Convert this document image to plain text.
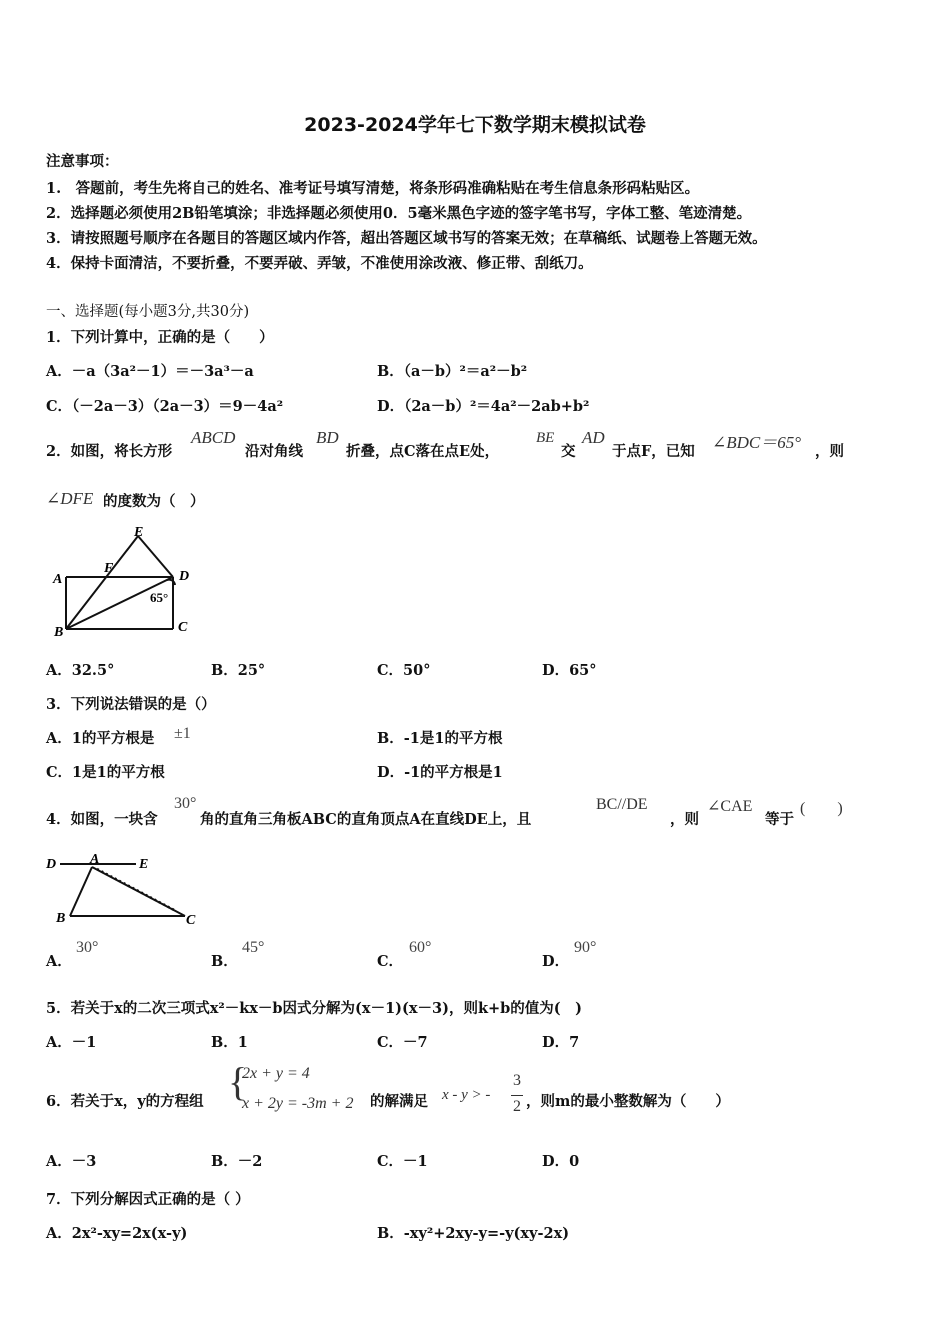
2023-2024学年七下数学期末模拟试卷
注意事项：
1.　答题前，考生先将自己的姓名、准考证号填写清楚，将条形码准确粘贴在考生信息条形码粘贴区。
2．选择题必须使用2B铅笔填涂；非选择题必须使用0．5毫米黑色字迹的签字笔书写，字体工整、笔迹清楚。
3．请按照题号顺序在各题目的答题区域内作答，超出答题区域书写的答案无效；在草稿纸、试题卷上答题无效。
4．保持卡面清洁，不要折叠，不要弄破、弄皱，不准使用涂改液、修正带、刮纸刀。
一、选择题(每小题3分,共30分)
1．下列计算中，正确的是（　　）
A．－a（3a²－1）＝－3a³－a	B．（a－b）²＝a²－b²
C．（－2a－3）（2a－3）＝9－4a²	D．（2a－b）²＝4a²－2ab+b²
2．如图，将长方形
ABCD
沿对角线
BD
折叠，点C落在点E处，
BE
交
AD
于点F，已知 ∠BDC＝65° ，则
∠DFE 的度数为（　）
A
F
E
D
65°
B	C
A．32.5°	B．25°	C．50°	D．65°
3．下列说法错误的是（）
A．1的平方根是 ±1	B．-1是1的平方根
C．1是1的平方根	D．-1的平方根是1
4．如图，一块含
30°
角的直角三角板ABC的直角顶点A在直线DE上，且
BC//DE
，则
∠CAE
等于
(　　)
D A	E
B	C
A．
30°
B．
45°
C．
60°
D．
90°
5．若关于x的二次三项式x²－kx－b因式分解为(x－1)(x－3)，则k+b的值为(　)
A．－1	B．1	C．－7	D．7
6．若关于x，y的方程组 {
2x + y = 4
x + 2y = -3m + 2 的解满足 x - y > -
3
2 ，则m的最小整数解为（　　）
A．－3	B．－2	C．－1	D．0
7．下列分解因式正确的是（ ）
A．2x²-xy=2x(x-y)	B．-xy²+2xy-y=-y(xy-2x)
